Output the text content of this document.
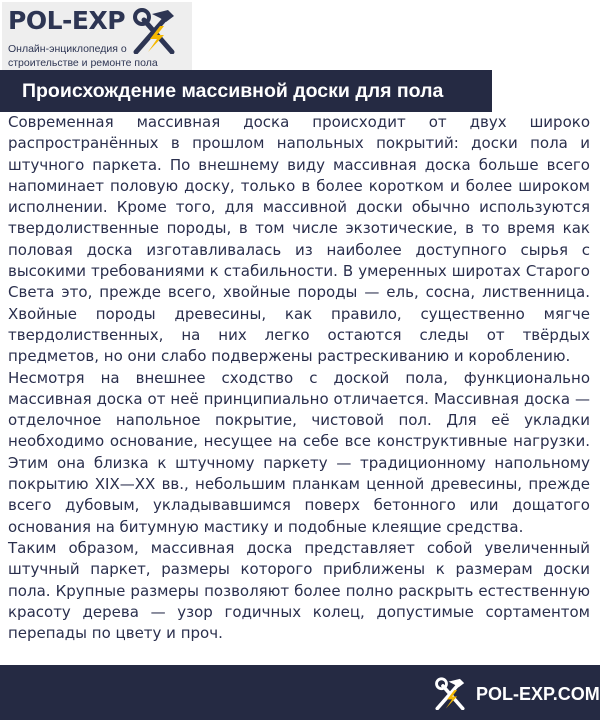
POL-EXP
Онлайн-энциклопедия о строительстве и ремонте пола
Происхождение массивной доски для пола

Современная массивная доска происходит от двух широко распространённых в прошлом напольных покрытий: доски пола и штучного паркета. По внешнему виду массивная доска больше всего напоминает половую доску, только в более коротком и более широком исполнении. Кроме того, для массивной доски обычно используются твердолиственные породы, в том числе экзотические, в то время как половая доска изготавливалась из наиболее доступного сырья с высокими требованиями к стабильности. В умеренных широтах Старого Света это, прежде всего, хвойные породы — ель, сосна, лиственница. Хвойные породы древесины, как правило, существенно мягче твердолиственных, на них легко остаются следы от твёрдых предметов, но они слабо подвержены растрескиванию и короблению.

Несмотря на внешнее сходство с доской пола, функционально массивная доска от неё принципиально отличается. Массивная доска — отделочное напольное покрытие, чистовой пол. Для её укладки необходимо основание, несущее на себе все конструктивные нагрузки. Этим она близка к штучному паркету — традиционному напольному покрытию XIX—XX вв., небольшим планкам ценной древесины, прежде всего дубовым, укладывавшимся поверх бетонного или дощатого основания на битумную мастику и подобные клеящие средства.

Таким образом, массивная доска представляет собой увеличенный штучный паркет, размеры которого приближены к размерам доски пола. Крупные размеры позволяют более полно раскрыть естественную красоту дерева — узор годичных колец, допустимые сортаментом перепады по цвету и проч.

POL-EXP.COM
